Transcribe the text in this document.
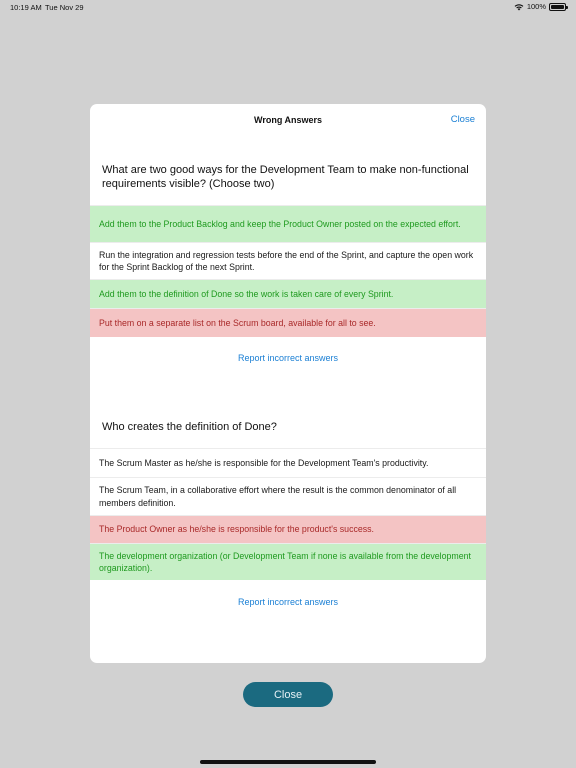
10:19 AM Tue Nov 29	100%
Wrong Answers	Close
What are two good ways for the Development Team to make non-functional requirements visible? (Choose two)
Add them to the Product Backlog and keep the Product Owner posted on the expected effort.
Run the integration and regression tests before the end of the Sprint, and capture the open work for the Sprint Backlog of the next Sprint.
Add them to the definition of Done so the work is taken care of every Sprint.
Put them on a separate list on the Scrum board, available for all to see.
Report incorrect answers
Who creates the definition of Done?
The Scrum Master as he/she is responsible for the Development Team's productivity.
The Scrum Team, in a collaborative effort where the result is the common denominator of all members definition.
The Product Owner as he/she is responsible for the product's success.
The development organization (or Development Team if none is available from the development organization).
Report incorrect answers
Close
